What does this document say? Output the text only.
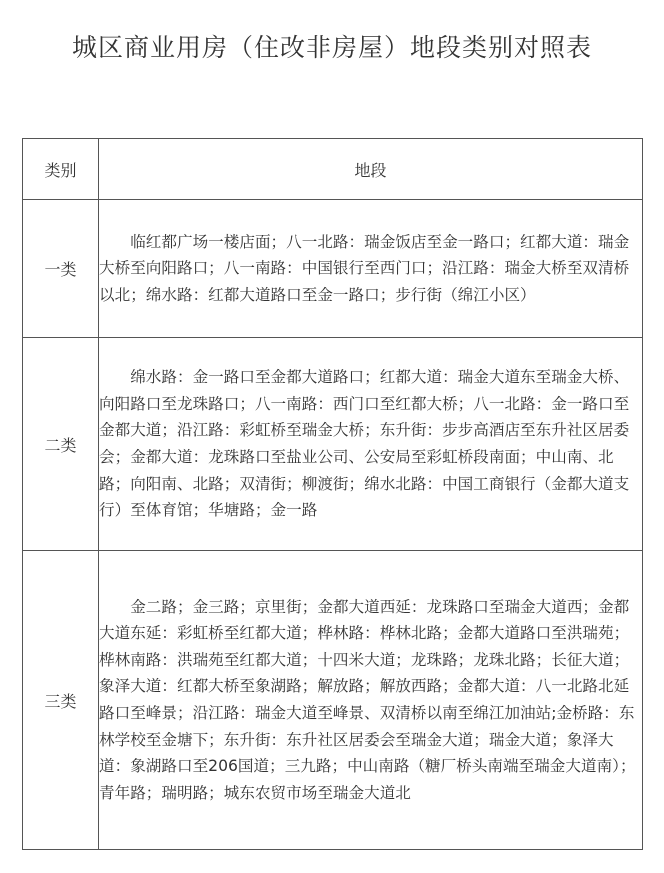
城区商业用房（住改非房屋）地段类别对照表
类别	地段
一类	临红都广场一楼店面；八一北路：瑞金饭店至金一路口；红都大道：瑞金大桥至向阳路口；八一南路：中国银行至西门口；沿江路：瑞金大桥至双清桥以北；绵水路：红都大道路口至金一路口；步行街（绵江小区）
二类	绵水路：金一路口至金都大道路口；红都大道：瑞金大道东至瑞金大桥、向阳路口至龙珠路口；八一南路：西门口至红都大桥；八一北路：金一路口至金都大道；沿江路：彩虹桥至瑞金大桥；东升街：步步高酒店至东升社区居委会；金都大道：龙珠路口至盐业公司、公安局至彩虹桥段南面；中山南、北路；向阳南、北路；双清街；柳渡街；绵水北路：中国工商银行（金都大道支行）至体育馆；华塘路；金一路
三类	金二路；金三路；京里街；金都大道西延：龙珠路口至瑞金大道西；金都大道东延：彩虹桥至红都大道；桦林路：桦林北路；金都大道路口至洪瑞苑；桦林南路：洪瑞苑至红都大道；十四米大道；龙珠路；龙珠北路；长征大道；象泽大道：红都大桥至象湖路；解放路；解放西路；金都大道：八一北路北延路口至峰景；沿江路：瑞金大道至峰景、双清桥以南至绵江加油站;金桥路：东林学校至金塘下；东升街：东升社区居委会至瑞金大道；瑞金大道；象泽大道：象湖路口至206国道；三九路；中山南路（糖厂桥头南端至瑞金大道南）；青年路；瑞明路；城东农贸市场至瑞金大道北
